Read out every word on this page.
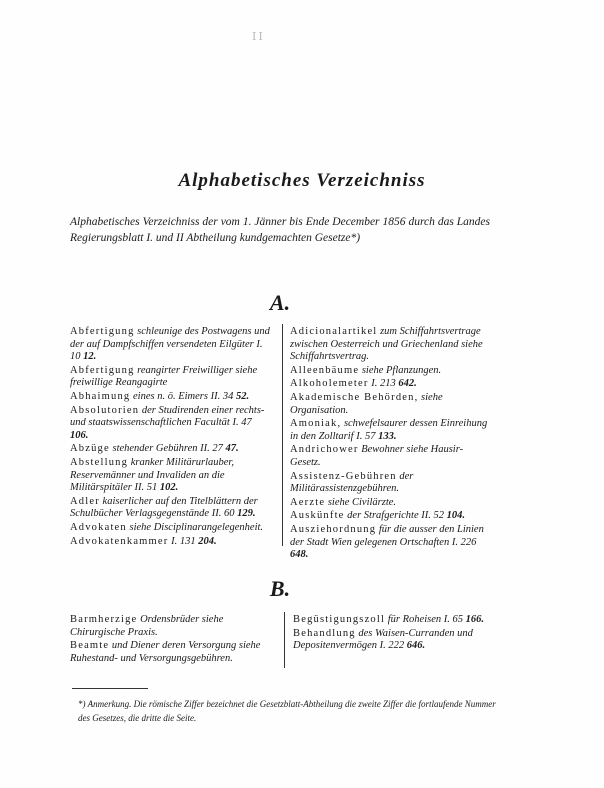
II
Alphabetisches Verzeichniss
Alphabetisches Verzeichniss der vom 1. Jänner bis Ende December 1856 durch das Landes Regierungsblatt I. und II Abtheilung kundgemachten Gesetze*)
A.
Abfertigung schleunige des Postwagens und der auf Dampfschiffen versendeten Eilgüter I. 10 12.
Abfertigung reangirter Freiwilliger siehe freiwillige Reangagirte
Abhaimung eines n. ö. Eimers II. 34 52.
Absolutorien der Studirenden einer rechts- und staatswissenschaftlichen Facultät I. 47 106.
Abzüge stehender Gebühren II. 27 47.
Abstellung kranker Militärurlauber, Reservemänner und Invaliden an die Militärspitäler II. 51 102.
Adler kaiserlicher auf den Titelblättern der Schulbücher Verlagsgegenstände II. 60 129.
Advokaten siehe Disciplinarangelegenheit.
Advokatenkammer I. 131 204.
Adicionalartikel zum Schiffahrtsvertrage zwischen Oesterreich und Griechenland siehe Schiffahrtsvertrag.
Alleenbäume siehe Pflanzungen.
Alkoholemeter I. 213 642.
Akademische Behörden, siehe Organisation.
Amoniak, schwefelsaurer dessen Einreihung in den Zolltarif I. 57 133.
Andrichower Bewohner siehe Hausir-Gesetz.
Assistenz-Gebühren der Militärassistenzgebühren.
Aerzte siehe Civilärzte.
Auskünfte der Strafgerichte II. 52 104.
Ausziehordnung für die ausser den Linien der Stadt Wien gelegenen Ortschaften I. 226 648.
B.
Barmherzige Ordensbrüder siehe Chirurgische Praxis.
Beamte und Diener deren Versorgung siehe Ruhestand- und Versorgungsgebühren.
Begüstigungszoll für Roheisen I. 65 166.
Behandlung des Waisen-Curranden und Depositenvermögen I. 222 646.
*) Anmerkung. Die römische Ziffer bezeichnet die Gesetzblatt-Abtheilung die zweite Ziffer die fortlaufende Nummer des Gesetzes, die dritte die Seite.
